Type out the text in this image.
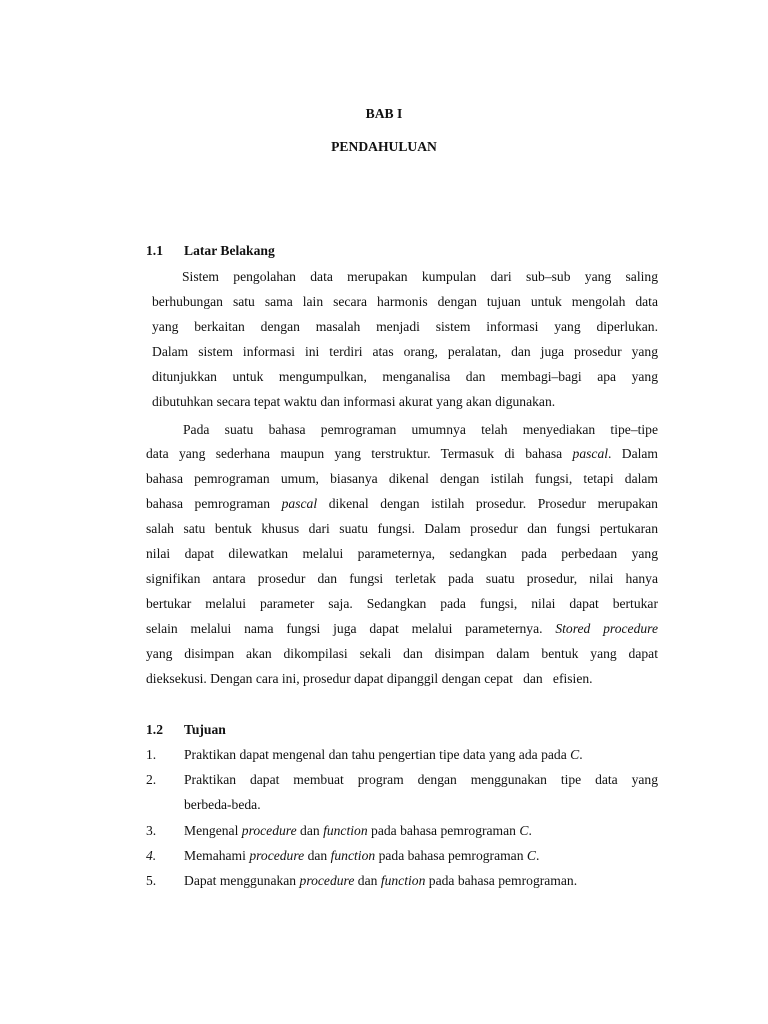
BAB I
PENDAHULUAN
1.1 Latar Belakang
Sistem pengolahan data merupakan kumpulan dari sub–sub yang saling
berhubungan satu sama lain secara harmonis dengan tujuan untuk mengolah data
yang berkaitan dengan masalah menjadi sistem informasi yang diperlukan.
Dalam sistem informasi ini terdiri atas orang, peralatan, dan juga prosedur yang
ditunjukkan untuk mengumpulkan, menganalisa dan membagi–bagi apa yang
dibutuhkan secara tepat waktu dan informasi akurat yang akan digunakan.
Pada suatu bahasa pemrograman umumnya telah menyediakan tipe–tipe
data yang sederhana maupun yang terstruktur. Termasuk di bahasa pascal. Dalam
bahasa pemrograman umum, biasanya dikenal dengan istilah fungsi, tetapi dalam
bahasa pemrograman pascal dikenal dengan istilah prosedur. Prosedur merupakan
salah satu bentuk khusus dari suatu fungsi. Dalam prosedur dan fungsi pertukaran
nilai dapat dilewatkan melalui parameternya, sedangkan pada perbedaan yang
signifikan antara prosedur dan fungsi terletak pada suatu prosedur, nilai hanya
bertukar melalui parameter saja. Sedangkan pada fungsi, nilai dapat bertukar
selain melalui nama fungsi juga dapat melalui parameternya. Stored procedure
yang disimpan akan dikompilasi sekali dan disimpan dalam bentuk yang dapat
dieksekusi. Dengan cara ini, prosedur dapat dipanggil dengan cepat   dan   efisien.
1.2 Tujuan
1. Praktikan dapat mengenal dan tahu pengertian tipe data yang ada pada C.
2. Praktikan dapat membuat program dengan menggunakan tipe data yang
berbeda-beda.
3. Mengenal procedure dan function pada bahasa pemrograman C.
4. Memahami procedure dan function pada bahasa pemrograman C.
5. Dapat menggunakan procedure dan function pada bahasa pemrograman.
